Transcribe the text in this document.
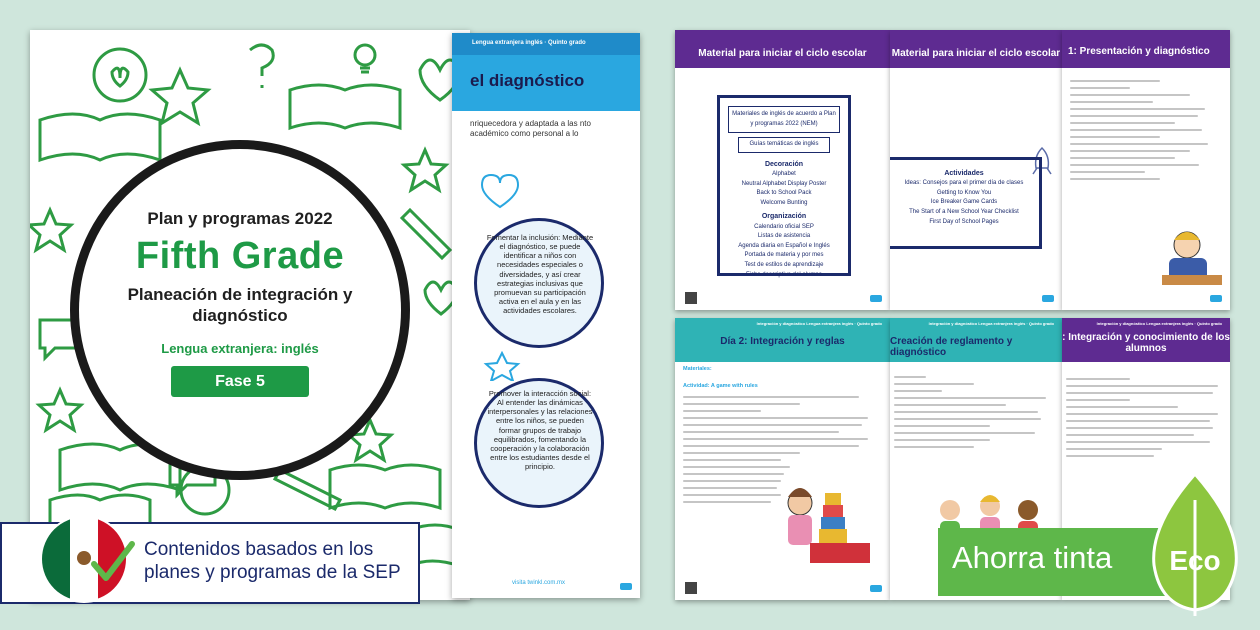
Plan y programas 2022
Fifth Grade
Planeación de integración y diagnóstico
Lengua extranjera: inglés
Fase 5
Lengua extranjera inglés · Quinto grado
el diagnóstico
nriquecedora y adaptada a las nto académico como personal a lo
Fomentar la inclusión: Mediante el diagnóstico, se puede identificar a niños con necesidades especiales o diversidades, y así crear estrategias inclusivas que promuevan su participación activa en el aula y en las actividades escolares.
Promover la interacción social: Al entender las dinámicas interpersonales y las relaciones entre los niños, se pueden formar grupos de trabajo equilibrados, fomentando la cooperación y la colaboración entre los estudiantes desde el principio.
visita twinkl.com.mx
Contenidos basados en los planes y programas de la SEP
Material para iniciar el ciclo escolar
Materiales de inglés de acuerdo a Plan y programas 2022 (NEM)
Guías temáticas de inglés
Decoración
Alphabet
Neutral Alphabet Display Poster
Back to School Pack
Welcome Bunting
Organización
Calendario oficial SEP
Listas de asistencia
Agenda diaria en Español e Inglés
Portada de materia y por mes
Test de estilos de aprendizaje
Ficha descriptiva del alumno
Material para iniciar el ciclo escolar
Actividades
Ideas: Consejos para el primer día de clases
Getting to Know You
Ice Breaker Game Cards
The Start of a New School Year Checklist
First Day of School Pages
1: Presentación y diagnóstico
Integración y diagnóstico Lengua extranjera inglés · Quinto grado
Día 2: Integración y reglas
Materiales:
Actividad: A game with rules
Integración y diagnóstico Lengua extranjera inglés · Quinto grado
Creación de reglamento y diagnóstico
Integración y diagnóstico Lengua extranjera inglés · Quinto grado
: Integración y conocimiento de los alumnos
Ahorra tinta Eco
